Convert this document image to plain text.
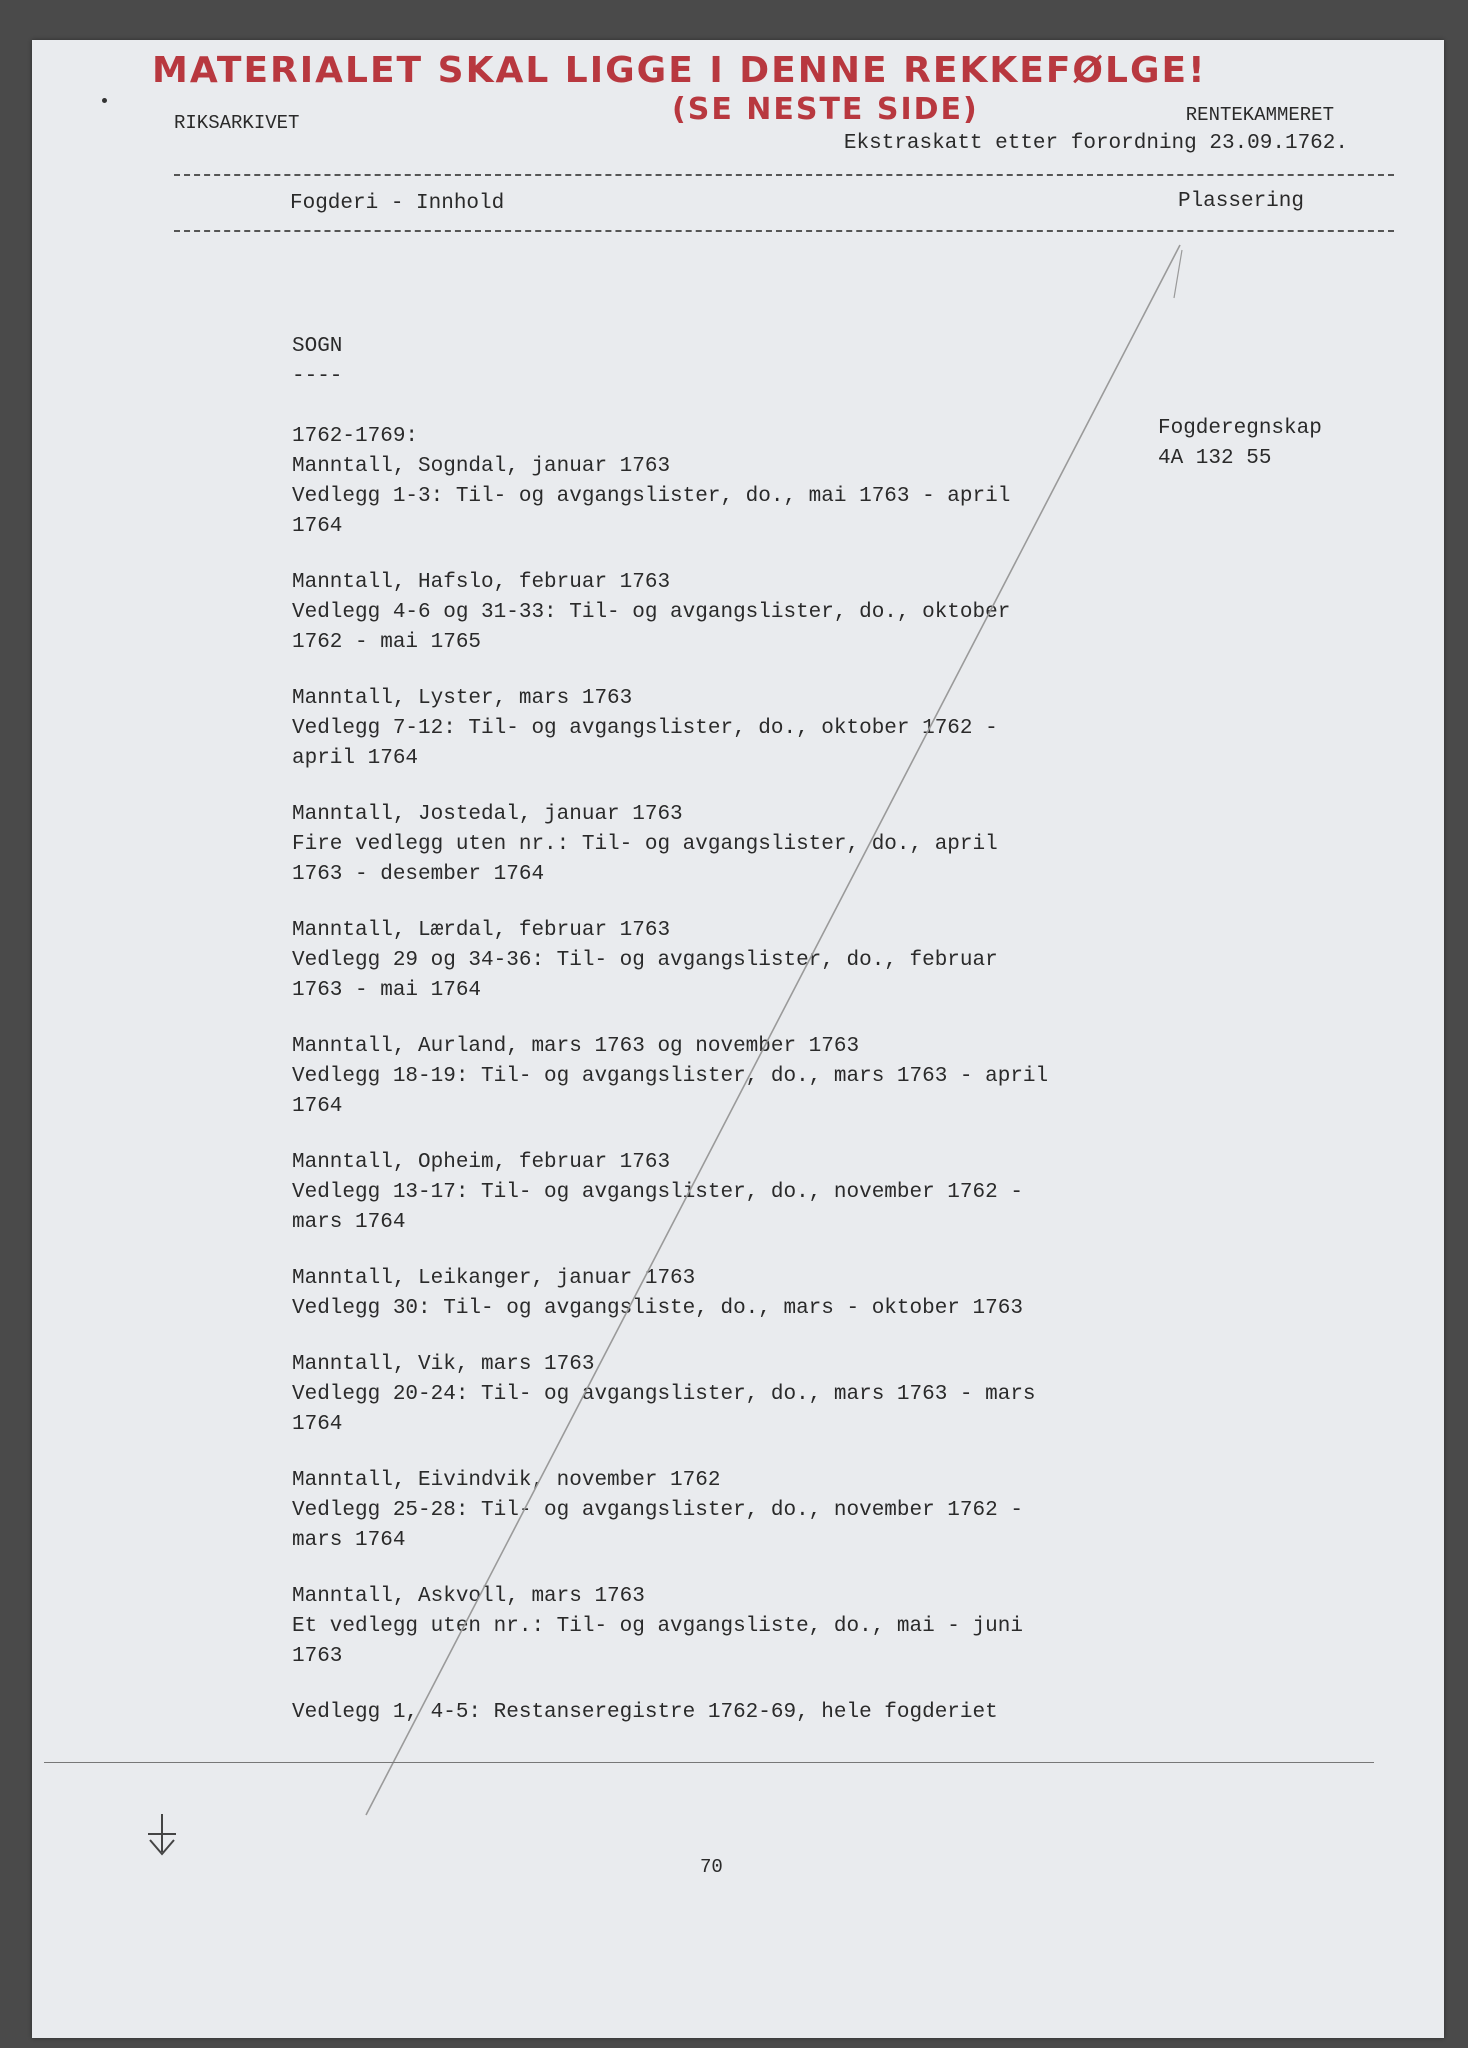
MATERIALET SKAL LIGGE I DENNE REKKEFØLGE!
(SE NESTE SIDE)
RIKSARKIVET	RENTEKAMMERET
Ekstraskatt etter forordning 23.09.1762.
Fogderi - Innhold	Plassering

SOGN

----

1762-1769:

Manntall, Sogndal, januar 1763
Vedlegg 1-3: Til- og avgangslister, do., mai 1763 - april
1764

Manntall, Hafslo, februar 1763
Vedlegg 4-6 og 31-33: Til- og avgangslister, do., oktober
1762 - mai 1765

Manntall, Lyster, mars 1763
Vedlegg 7-12: Til- og avgangslister, do., oktober 1762 -
april 1764

Manntall, Jostedal, januar 1763
Fire vedlegg uten nr.: Til- og avgangslister, do., april
1763 - desember 1764

Manntall, Lærdal, februar 1763
Vedlegg 29 og 34-36: Til- og avgangslister, do., februar
1763 - mai 1764

Manntall, Aurland, mars 1763 og november 1763
Vedlegg 18-19: Til- og avgangslister, do., mars 1763 - april
1764

Manntall, Opheim, februar 1763
Vedlegg 13-17: Til- og avgangslister, do., november 1762 -
mars 1764

Manntall, Leikanger, januar 1763
Vedlegg 30: Til- og avgangsliste, do., mars - oktober 1763

Manntall, Vik, mars 1763
Vedlegg 20-24: Til- og avgangslister, do., mars 1763 - mars
1764

Manntall, Eivindvik, november 1762
Vedlegg 25-28: Til- og avgangslister, do., november 1762 -
mars 1764

Manntall, Askvoll, mars 1763
Et vedlegg uten nr.: Til- og avgangsliste, do., mai - juni
1763

Vedlegg 1, 4-5: Restanseregistre 1762-69, hele fogderiet

Fogderegnskap
4A 132 55
70
